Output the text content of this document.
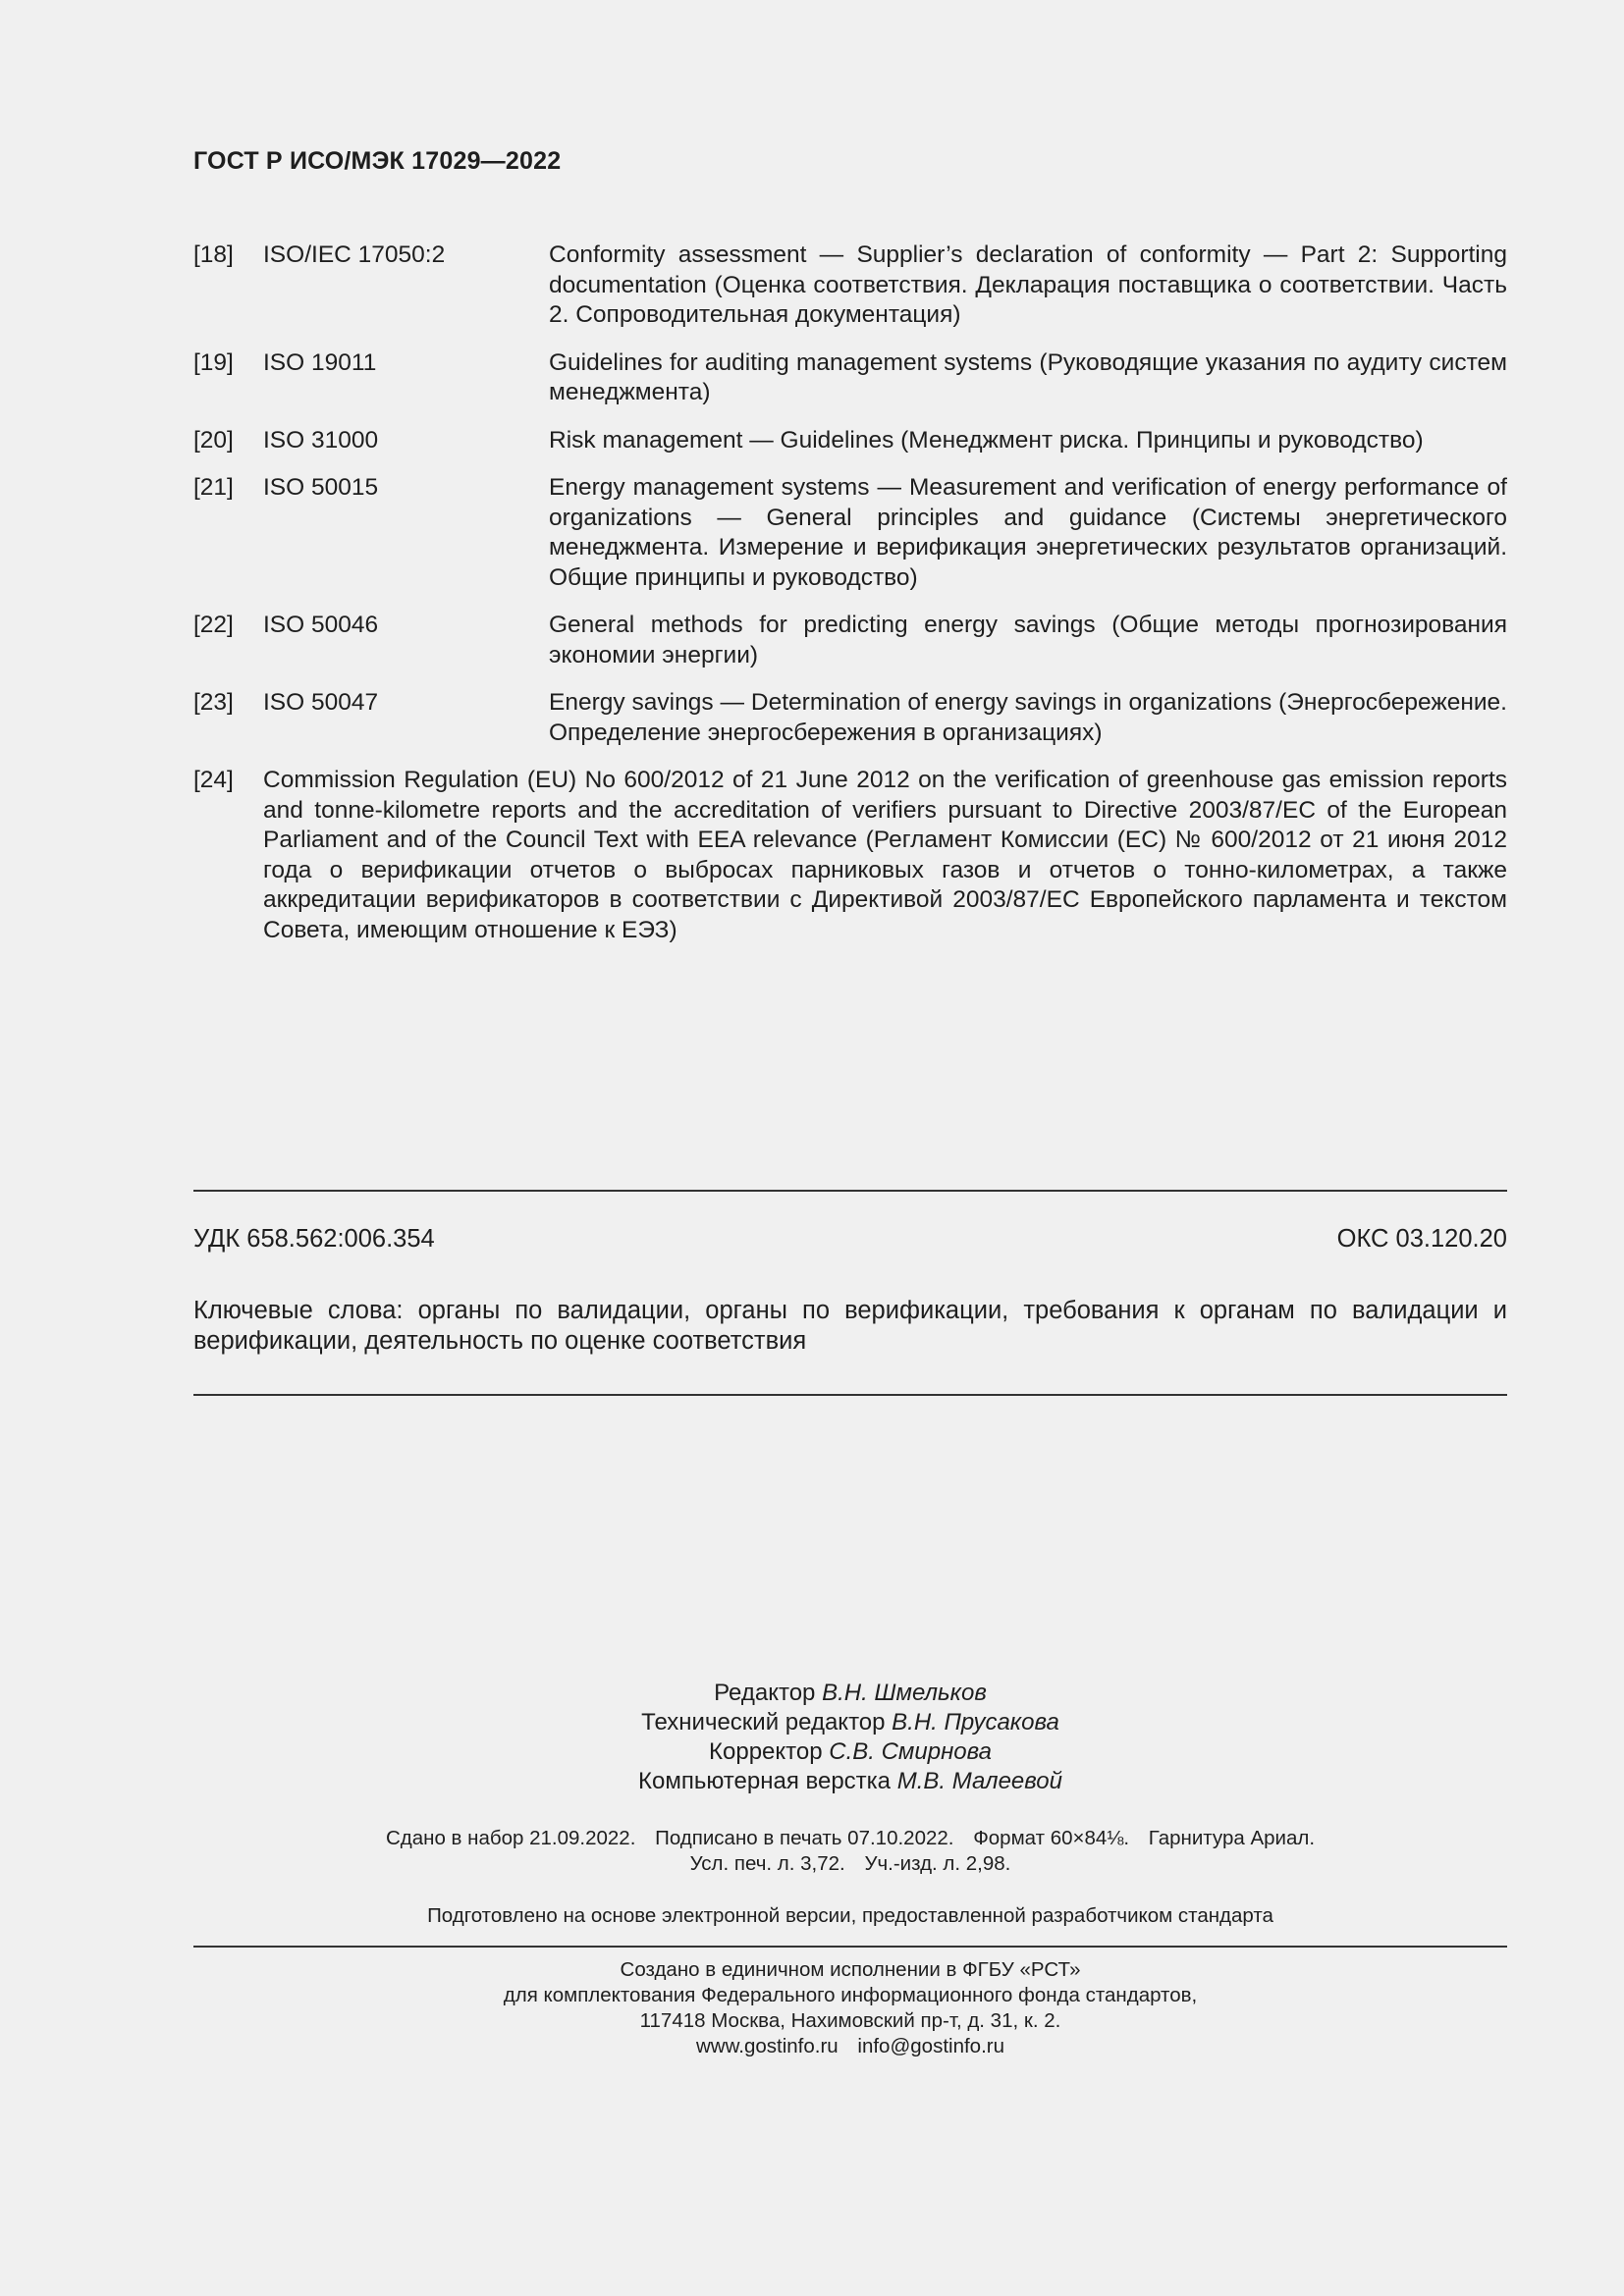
ГОСТ Р ИСО/МЭК 17029—2022
[18] ISO/IEC 17050:2	Conformity assessment — Supplier’s declaration of conformity — Part 2: Supporting documentation (Оценка соответствия. Декларация поставщика о соответствии. Часть 2. Сопроводительная документация)
[19] ISO 19011	Guidelines for auditing management systems (Руководящие указания по аудиту систем менеджмента)
[20] ISO 31000	Risk management — Guidelines (Менеджмент риска. Принципы и руководство)
[21] ISO 50015	Energy management systems — Measurement and verification of energy performance of organizations — General principles and guidance (Системы энергетического менеджмента. Измерение и верификация энергетических результатов организаций. Общие принципы и руководство)
[22] ISO 50046	General methods for predicting energy savings (Общие методы прогнозирования экономии энергии)
[23] ISO 50047	Energy savings — Determination of energy savings in organizations (Энергосбережение. Определение энергосбережения в организациях)
[24] Commission Regulation (EU) No 600/2012 of 21 June 2012 on the verification of greenhouse gas emission reports and tonne-kilometre reports and the accreditation of verifiers pursuant to Directive 2003/87/EC of the European Parliament and of the Council Text with EEA relevance (Регламент Комиссии (ЕС) № 600/2012 от 21 июня 2012 года о верификации отчетов о выбросах парниковых газов и отчетов о тонно-километрах, а также аккредитации верификаторов в соответствии с Директивой 2003/87/ЕС Европейского парламента и текстом Совета, имеющим отношение к ЕЭЗ)
УДК 658.562:006.354	ОКС 03.120.20
Ключевые слова: органы по валидации, органы по верификации, требования к органам по валидации и верификации, деятельность по оценке соответствия
Редактор В.Н. Шмельков
Технический редактор В.Н. Прусакова
Корректор С.В. Смирнова
Компьютерная верстка М.В. Малеевой
Сдано в набор 21.09.2022. Подписано в печать 07.10.2022. Формат 60×84⅛. Гарнитура Ариал.
Усл. печ. л. 3,72. Уч.-изд. л. 2,98.
Подготовлено на основе электронной версии, предоставленной разработчиком стандарта
Создано в единичном исполнении в ФГБУ «РСТ»
для комплектования Федерального информационного фонда стандартов,
117418 Москва, Нахимовский пр-т, д. 31, к. 2.
www.gostinfo.ru info@gostinfo.ru
